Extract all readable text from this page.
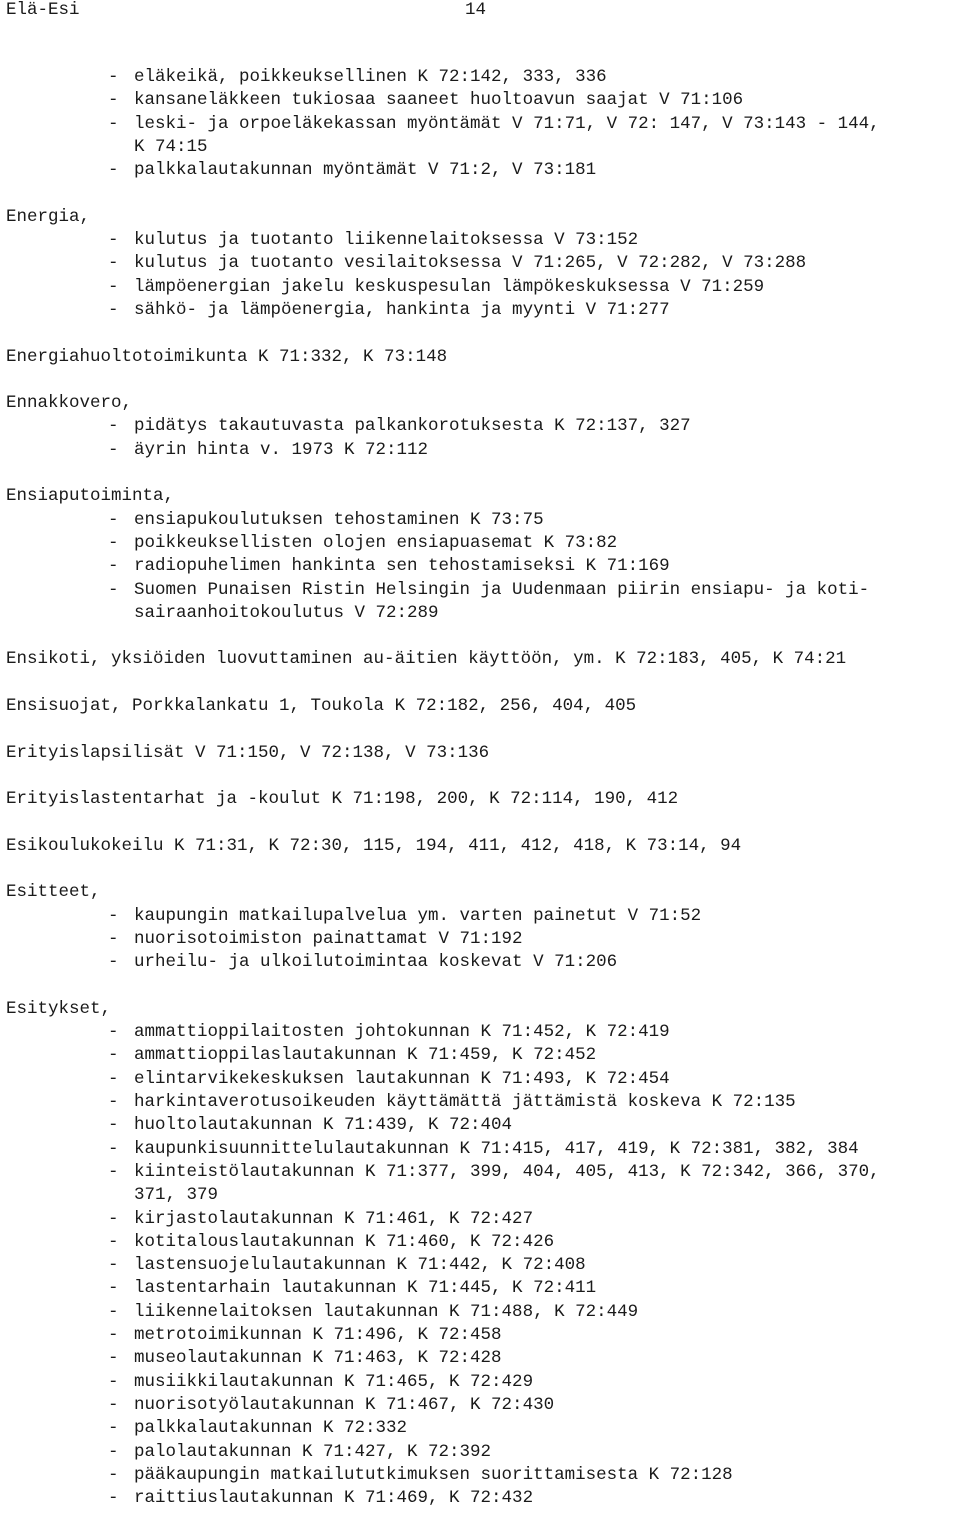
Elä-Esi	14
- eläkeikä, poikkeuksellinen K 72:142, 333, 336
- kansaneläkkeen tukiosaa saaneet huoltoavun saajat V 71:106
- leski- ja orpoeläkekassan myöntämät V 71:71, V 72: 147, V 73:143 - 144,
K 74:15
- palkkalautakunnan myöntämät V 71:2, V 73:181
Energia,
- kulutus ja tuotanto liikennelaitoksessa V 73:152
- kulutus ja tuotanto vesilaitoksessa V 71:265, V 72:282, V 73:288
- lämpöenergian jakelu keskuspesulan lämpökeskuksessa V 71:259
- sähkö- ja lämpöenergia, hankinta ja myynti V 71:277
Energiahuoltotoimikunta K 71:332, K 73:148
Ennakkovero,
- pidätys takautuvasta palkankorotuksesta K 72:137, 327
- äyrin hinta v. 1973 K 72:112
Ensiaputoiminta,
- ensiapukoulutuksen tehostaminen K 73:75
- poikkeuksellisten olojen ensiapuasemat K 73:82
- radiopuhelimen hankinta sen tehostamiseksi K 71:169
- Suomen Punaisen Ristin Helsingin ja Uudenmaan piirin ensiapu- ja koti-
sairaanhoitokoulutus V 72:289
Ensikoti, yksiöiden luovuttaminen au-äitien käyttöön, ym. K 72:183, 405, K 74:21
Ensisuojat, Porkkalankatu 1, Toukola K 72:182, 256, 404, 405
Erityislapsilisät V 71:150, V 72:138, V 73:136
Erityislastentarhat ja -koulut K 71:198, 200, K 72:114, 190, 412
Esikoulukokeilu K 71:31, K 72:30, 115, 194, 411, 412, 418, K 73:14, 94
Esitteet,
- kaupungin matkailupalvelua ym. varten painetut V 71:52
- nuorisotoimiston painattamat V 71:192
- urheilu- ja ulkoilutoimintaa koskevat V 71:206
Esitykset,
- ammattioppilaitosten johtokunnan K 71:452, K 72:419
- ammattioppilaslautakunnan K 71:459, K 72:452
- elintarvikekeskuksen lautakunnan K 71:493, K 72:454
- harkintaverotusoikeuden käyttämättä jättämistä koskeva K 72:135
- huoltolautakunnan K 71:439, K 72:404
- kaupunkisuunnittelulautakunnan K 71:415, 417, 419, K 72:381, 382, 384
- kiinteistölautakunnan K 71:377, 399, 404, 405, 413, K 72:342, 366, 370,
371, 379
- kirjastolautakunnan K 71:461, K 72:427
- kotitalouslautakunnan K 71:460, K 72:426
- lastensuojelulautakunnan K 71:442, K 72:408
- lastentarhain lautakunnan K 71:445, K 72:411
- liikennelaitoksen lautakunnan K 71:488, K 72:449
- metrotoimikunnan K 71:496, K 72:458
- museolautakunnan K 71:463, K 72:428
- musiikkilautakunnan K 71:465, K 72:429
- nuorisotyölautakunnan K 71:467, K 72:430
- palkkalautakunnan K 72:332
- palolautakunnan K 71:427, K 72:392
- pääkaupungin matkailututkimuksen suorittamisesta K 72:128
- raittiuslautakunnan K 71:469, K 72:432
